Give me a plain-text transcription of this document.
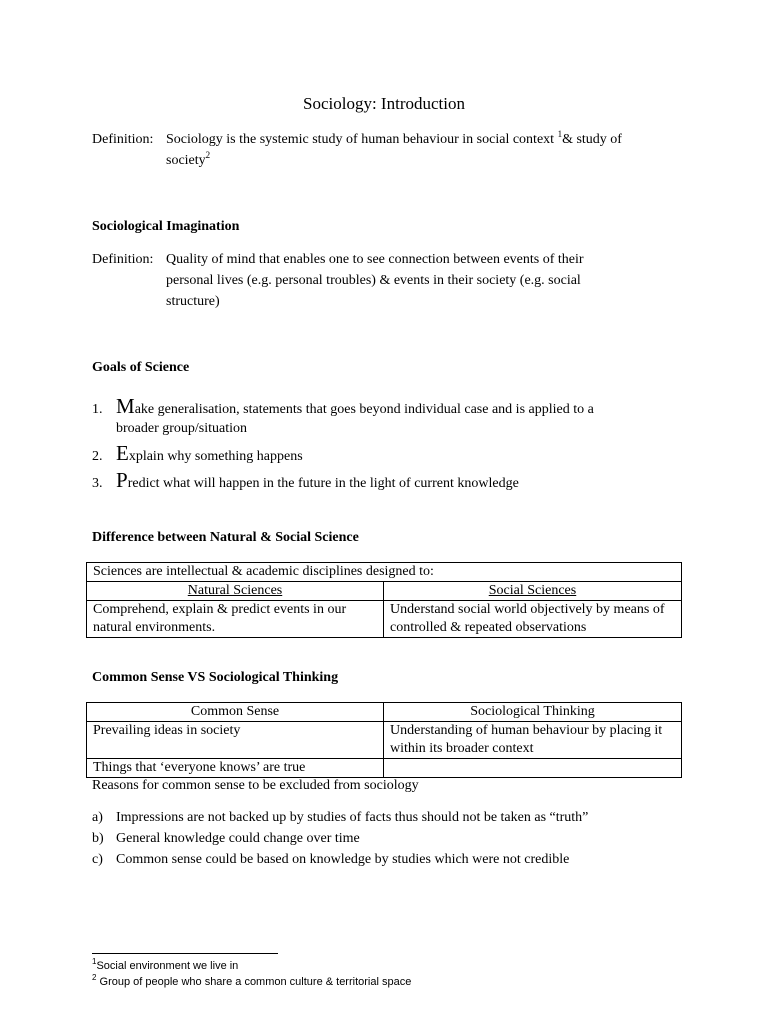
Sociology: Introduction
Definition: Sociology is the systemic study of human behaviour in social context $^1$& study of
society$^2$
Sociological Imagination
Definition: Quality of mind that enables one to see connection between events of their
personal lives (e.g. personal troubles) & events in their society (e.g. social
structure)
Goals of Science
1. Make generalisation, statements that goes beyond individual case and is applied to a
broader group/situation
2. Explain why something happens
3. Predict what will happen in the future in the light of current knowledge
Difference between Natural & Social Science
Sciences are intellectual & academic disciplines designed to:	
Natural Sciences	Social Sciences
Comprehend, explain & predict events in our natural environments.	Understand social world objectively by means of controlled & repeated observations
Common Sense VS Sociological Thinking
Common Sense	Sociological Thinking
Prevailing ideas in society	Understanding of human behaviour by placing it within its broader context
Things that ‘everyone knows’ are true	
Reasons for common sense to be excluded from sociology
a) Impressions are not backed up by studies of facts thus should not be taken as “truth”
b) General knowledge could change over time
c) Common sense could be based on knowledge by studies which were not credible
$^1$Social environment we live in
$^2$ Group of people who share a common culture & territorial space
